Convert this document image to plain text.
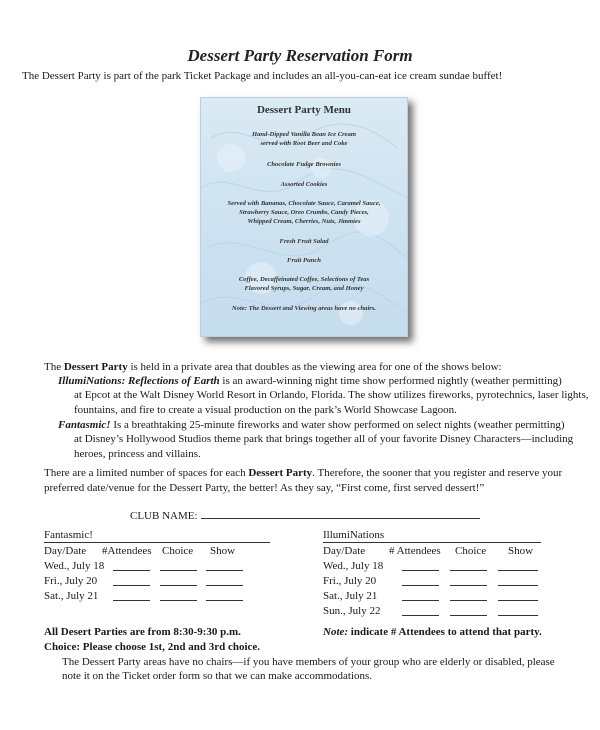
Dessert Party Reservation Form
The Dessert Party is part of the park Ticket Package and includes an all-you-can-eat ice cream sundae buffet!
Dessert Party Menu
Hand-Dipped Vanilla Bean Ice Cream
served with Root Beer and Coke
Chocolate Fudge Brownies
Assorted Cookies
Served with Bananas, Chocolate Sauce, Caramel Sauce,
Strawberry Sauce, Oreo Crumbs, Candy Pieces,
Whipped Cream, Cherries, Nuts, Jimmies
Fresh Fruit Salad
Fruit Punch
Coffee, Decaffeinated Coffee, Selections of Teas
Flavored Syrups, Sugar, Cream, and Honey
Note: The Dessert and Viewing areas have no chairs.
The Dessert Party is held in a private area that doubles as the viewing area for one of the shows below:
IllumiNations: Reflections of Earth is an award-winning night time show performed nightly (weather permitting)
at Epcot at the Walt Disney World Resort in Orlando, Florida. The show utilizes fireworks, pyrotechnics, laser lights, fountains, and fire to create a visual production on the park’s World Showcase Lagoon.
Fantasmic! Is a breathtaking 25-minute fireworks and water show performed on select nights (weather permitting)
at Disney’s Hollywood Studios theme park that brings together all of your favorite Disney Characters—including heroes, princess and villains.
There are a limited number of spaces for each Dessert Party. Therefore, the sooner that you register and reserve your preferred date/venue for the Dessert Party, the better! As they say, “First come, first served dessert!”
CLUB NAME:
Fantasmic!
Day/Date #Attendees Choice Show
Wed., July 18
Fri., July 20
Sat., July 21
IllumiNations
Day/Date # Attendees Choice Show
Wed., July 18
Fri., July 20
Sat., July 21
Sun., July 22
All Desert Parties are from 8:30-9:30 p.m.	Note: indicate # Attendees to attend that party.
Choice: Please choose 1st, 2nd and 3rd choice.
The Dessert Party areas have no chairs—if you have members of your group who are elderly or disabled, please note it on the Ticket order form so that we can make accommodations.
